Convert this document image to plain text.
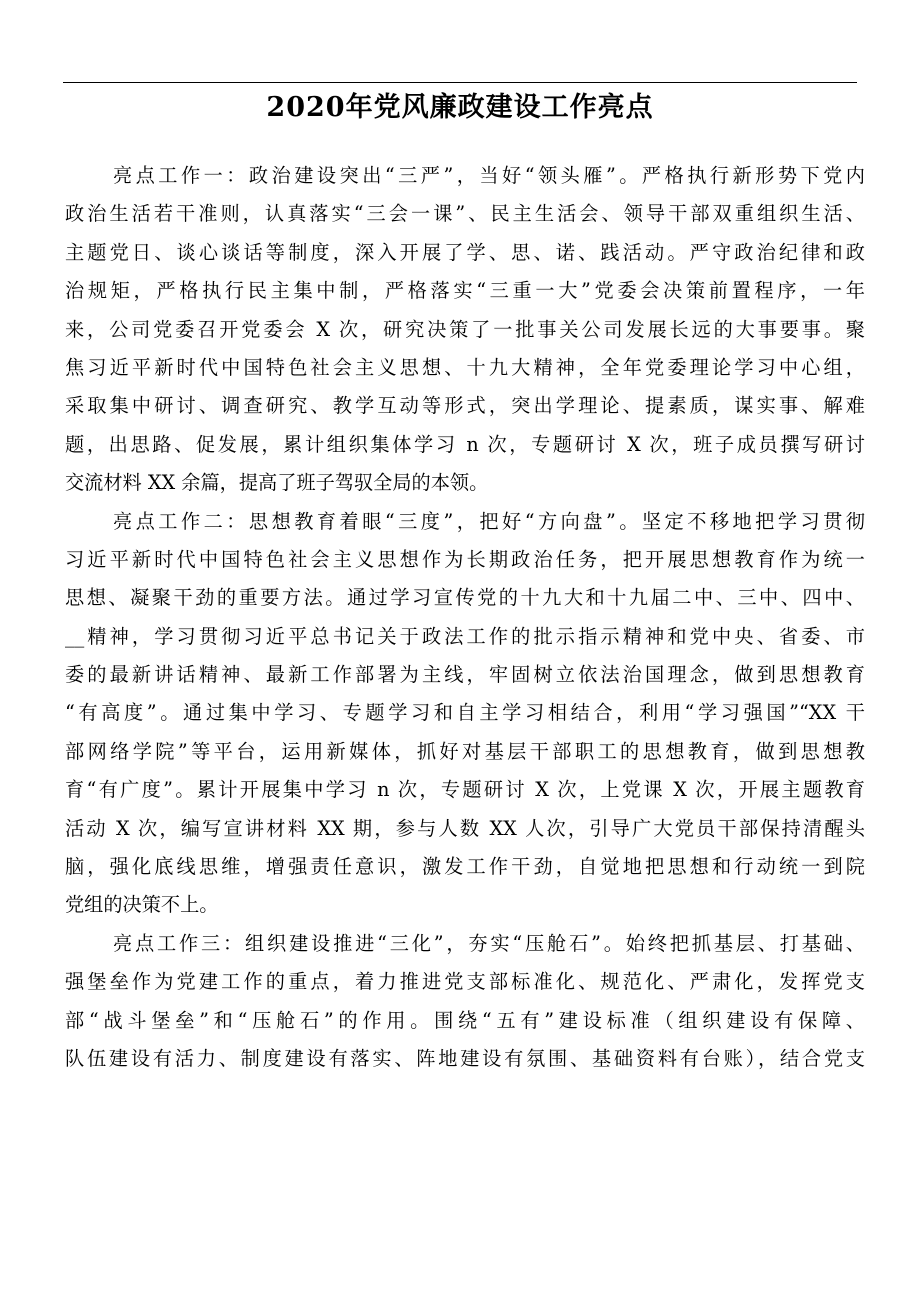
2020年党风廉政建设工作亮点
亮点工作一：政治建设突出“三严”，当好“领头雁”。严格执行新形势下党内
政治生活若干准则，认真落实“三会一课”、民主生活会、领导干部双重组织生活、
主题党日、谈心谈话等制度，深入开展了学、思、诺、践活动。严守政治纪律和政
治规矩，严格执行民主集中制，严格落实“三重一大”党委会决策前置程序，一年
来，公司党委召开党委会 X 次，研究决策了一批事关公司发展长远的大事要事。聚
焦习近平新时代中国特色社会主义思想、十九大精神，全年党委理论学习中心组，
采取集中研讨、调查研究、教学互动等形式，突出学理论、提素质，谋实事、解难
题，出思路、促发展，累计组织集体学习 n 次，专题研讨 X 次，班子成员撰写研讨
交流材料 XX 余篇，提高了班子驾驭全局的本领。
亮点工作二：思想教育着眼“三度”，把好“方向盘”。坚定不移地把学习贯彻
习近平新时代中国特色社会主义思想作为长期政治任务，把开展思想教育作为统一
思想、凝聚干劲的重要方法。通过学习宣传党的十九大和十九届二中、三中、四中、
__精神，学习贯彻习近平总书记关于政法工作的批示指示精神和党中央、省委、市
委的最新讲话精神、最新工作部署为主线，牢固树立依法治国理念，做到思想教育
“有高度”。通过集中学习、专题学习和自主学习相结合，利用“学习强国”“XX 干
部网络学院”等平台，运用新媒体，抓好对基层干部职工的思想教育，做到思想教
育“有广度”。累计开展集中学习 n 次，专题研讨 X 次，上党课 X 次，开展主题教育
活动 X 次，编写宣讲材料 XX 期，参与人数 XX 人次，引导广大党员干部保持清醒头
脑，强化底线思维，增强责任意识，激发工作干劲，自觉地把思想和行动统一到院
党组的决策不上。
亮点工作三：组织建设推进“三化”，夯实“压舱石”。始终把抓基层、打基础、
强堡垒作为党建工作的重点，着力推进党支部标准化、规范化、严肃化，发挥党支
部“战斗堡垒”和“压舱石”的作用。围绕“五有”建设标准（组织建设有保障、
队伍建设有活力、制度建设有落实、阵地建设有氛围、基础资料有台账），结合党支
